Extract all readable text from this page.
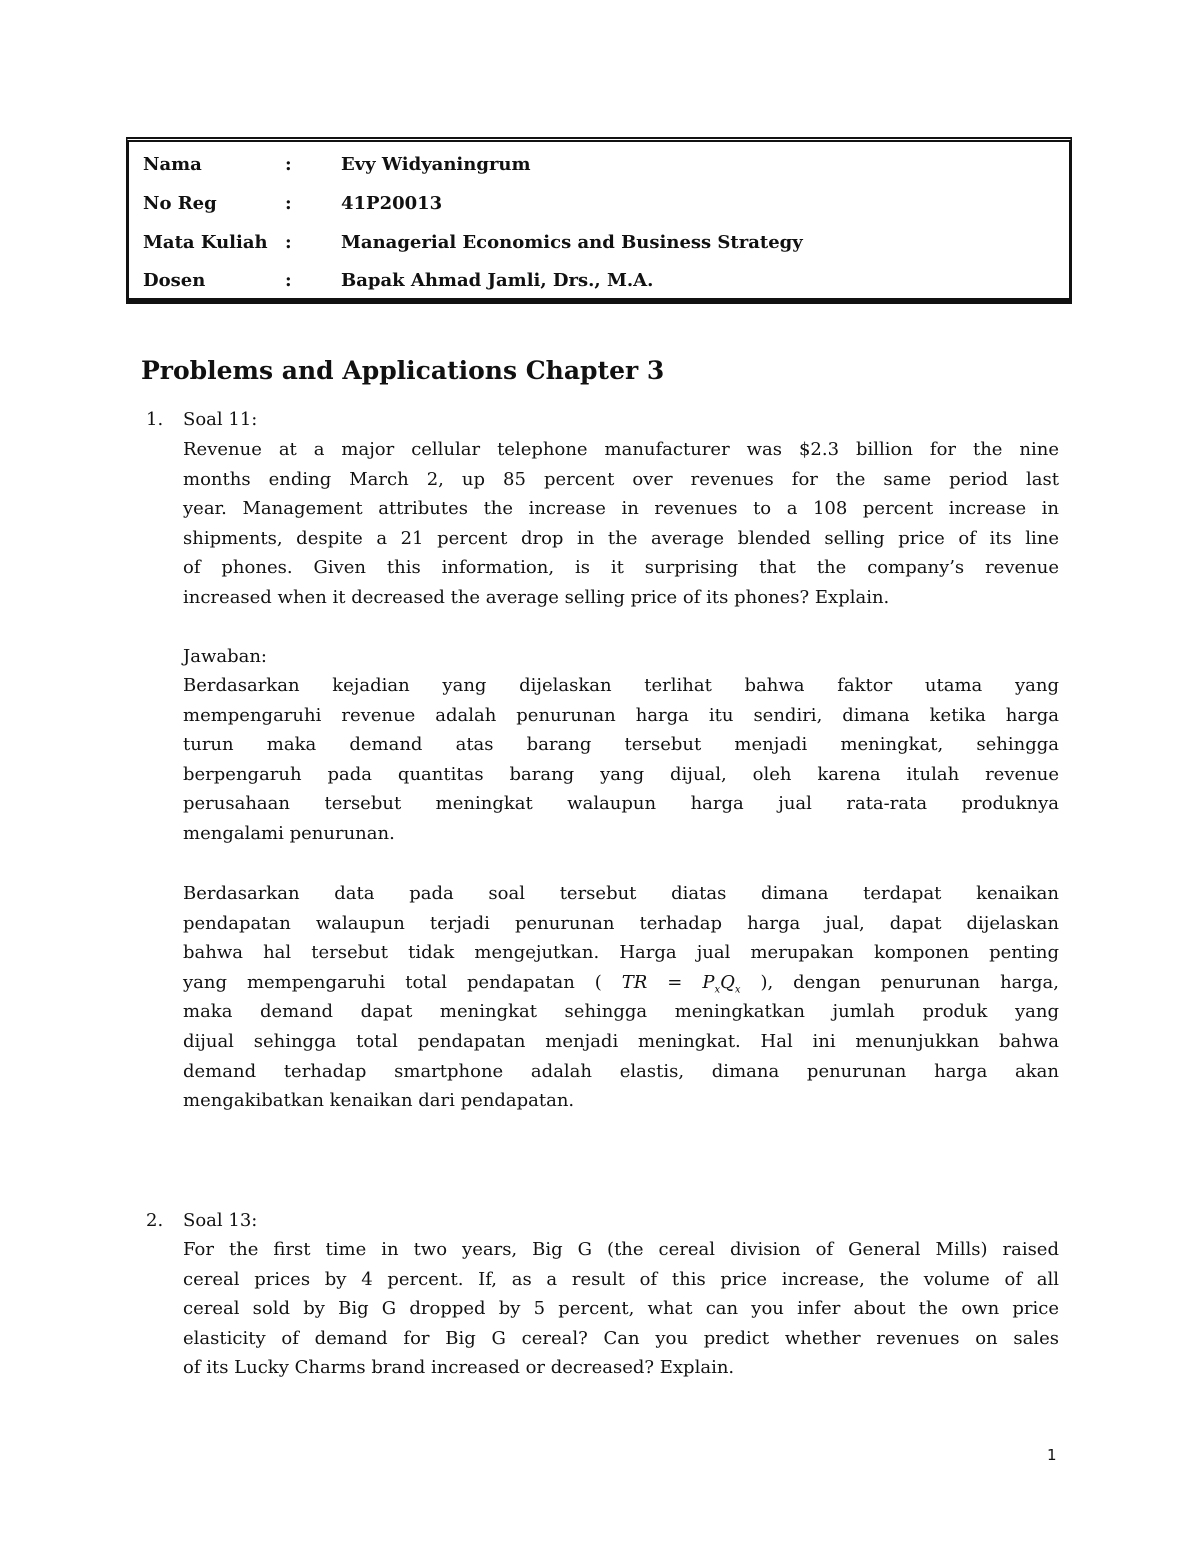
Nama	:	Evy Widyaningrum
No Reg	:	41P20013
Mata Kuliah :	Managerial Economics and Business Strategy
Dosen	:	Bapak Ahmad Jamli, Drs., M.A.
Problems and Applications Chapter 3
1. Soal 11:
Revenue at a major cellular telephone manufacturer was $2.3 billion for the nine
months ending March 2, up 85 percent over revenues for the same period last
year. Management attributes the increase in revenues to a 108 percent increase in
shipments, despite a 21 percent drop in the average blended selling price of its line
of phones. Given this information, is it surprising that the company’s revenue
increased when it decreased the average selling price of its phones? Explain.
Jawaban:
Berdasarkan kejadian yang dijelaskan terlihat bahwa faktor utama yang
mempengaruhi revenue adalah penurunan harga itu sendiri, dimana ketika harga
turun maka demand atas barang tersebut menjadi meningkat, sehingga
berpengaruh pada quantitas barang yang dijual, oleh karena itulah revenue
perusahaan tersebut meningkat walaupun harga jual rata-rata produknya
mengalami penurunan.
Berdasarkan data pada soal tersebut diatas dimana terdapat kenaikan
pendapatan walaupun terjadi penurunan terhadap harga jual, dapat dijelaskan
bahwa hal tersebut tidak mengejutkan. Harga jual merupakan komponen penting
yang mempengaruhi total pendapatan ( TR = $P_xQ_x$ ), dengan penurunan harga,
maka demand dapat meningkat sehingga meningkatkan jumlah produk yang
dijual sehingga total pendapatan menjadi meningkat. Hal ini menunjukkan bahwa
demand terhadap smartphone adalah elastis, dimana penurunan harga akan
mengakibatkan kenaikan dari pendapatan.
2. Soal 13:
For the first time in two years, Big G (the cereal division of General Mills) raised
cereal prices by 4 percent. If, as a result of this price increase, the volume of all
cereal sold by Big G dropped by 5 percent, what can you infer about the own price
elasticity of demand for Big G cereal? Can you predict whether revenues on sales
of its Lucky Charms brand increased or decreased? Explain.
1
